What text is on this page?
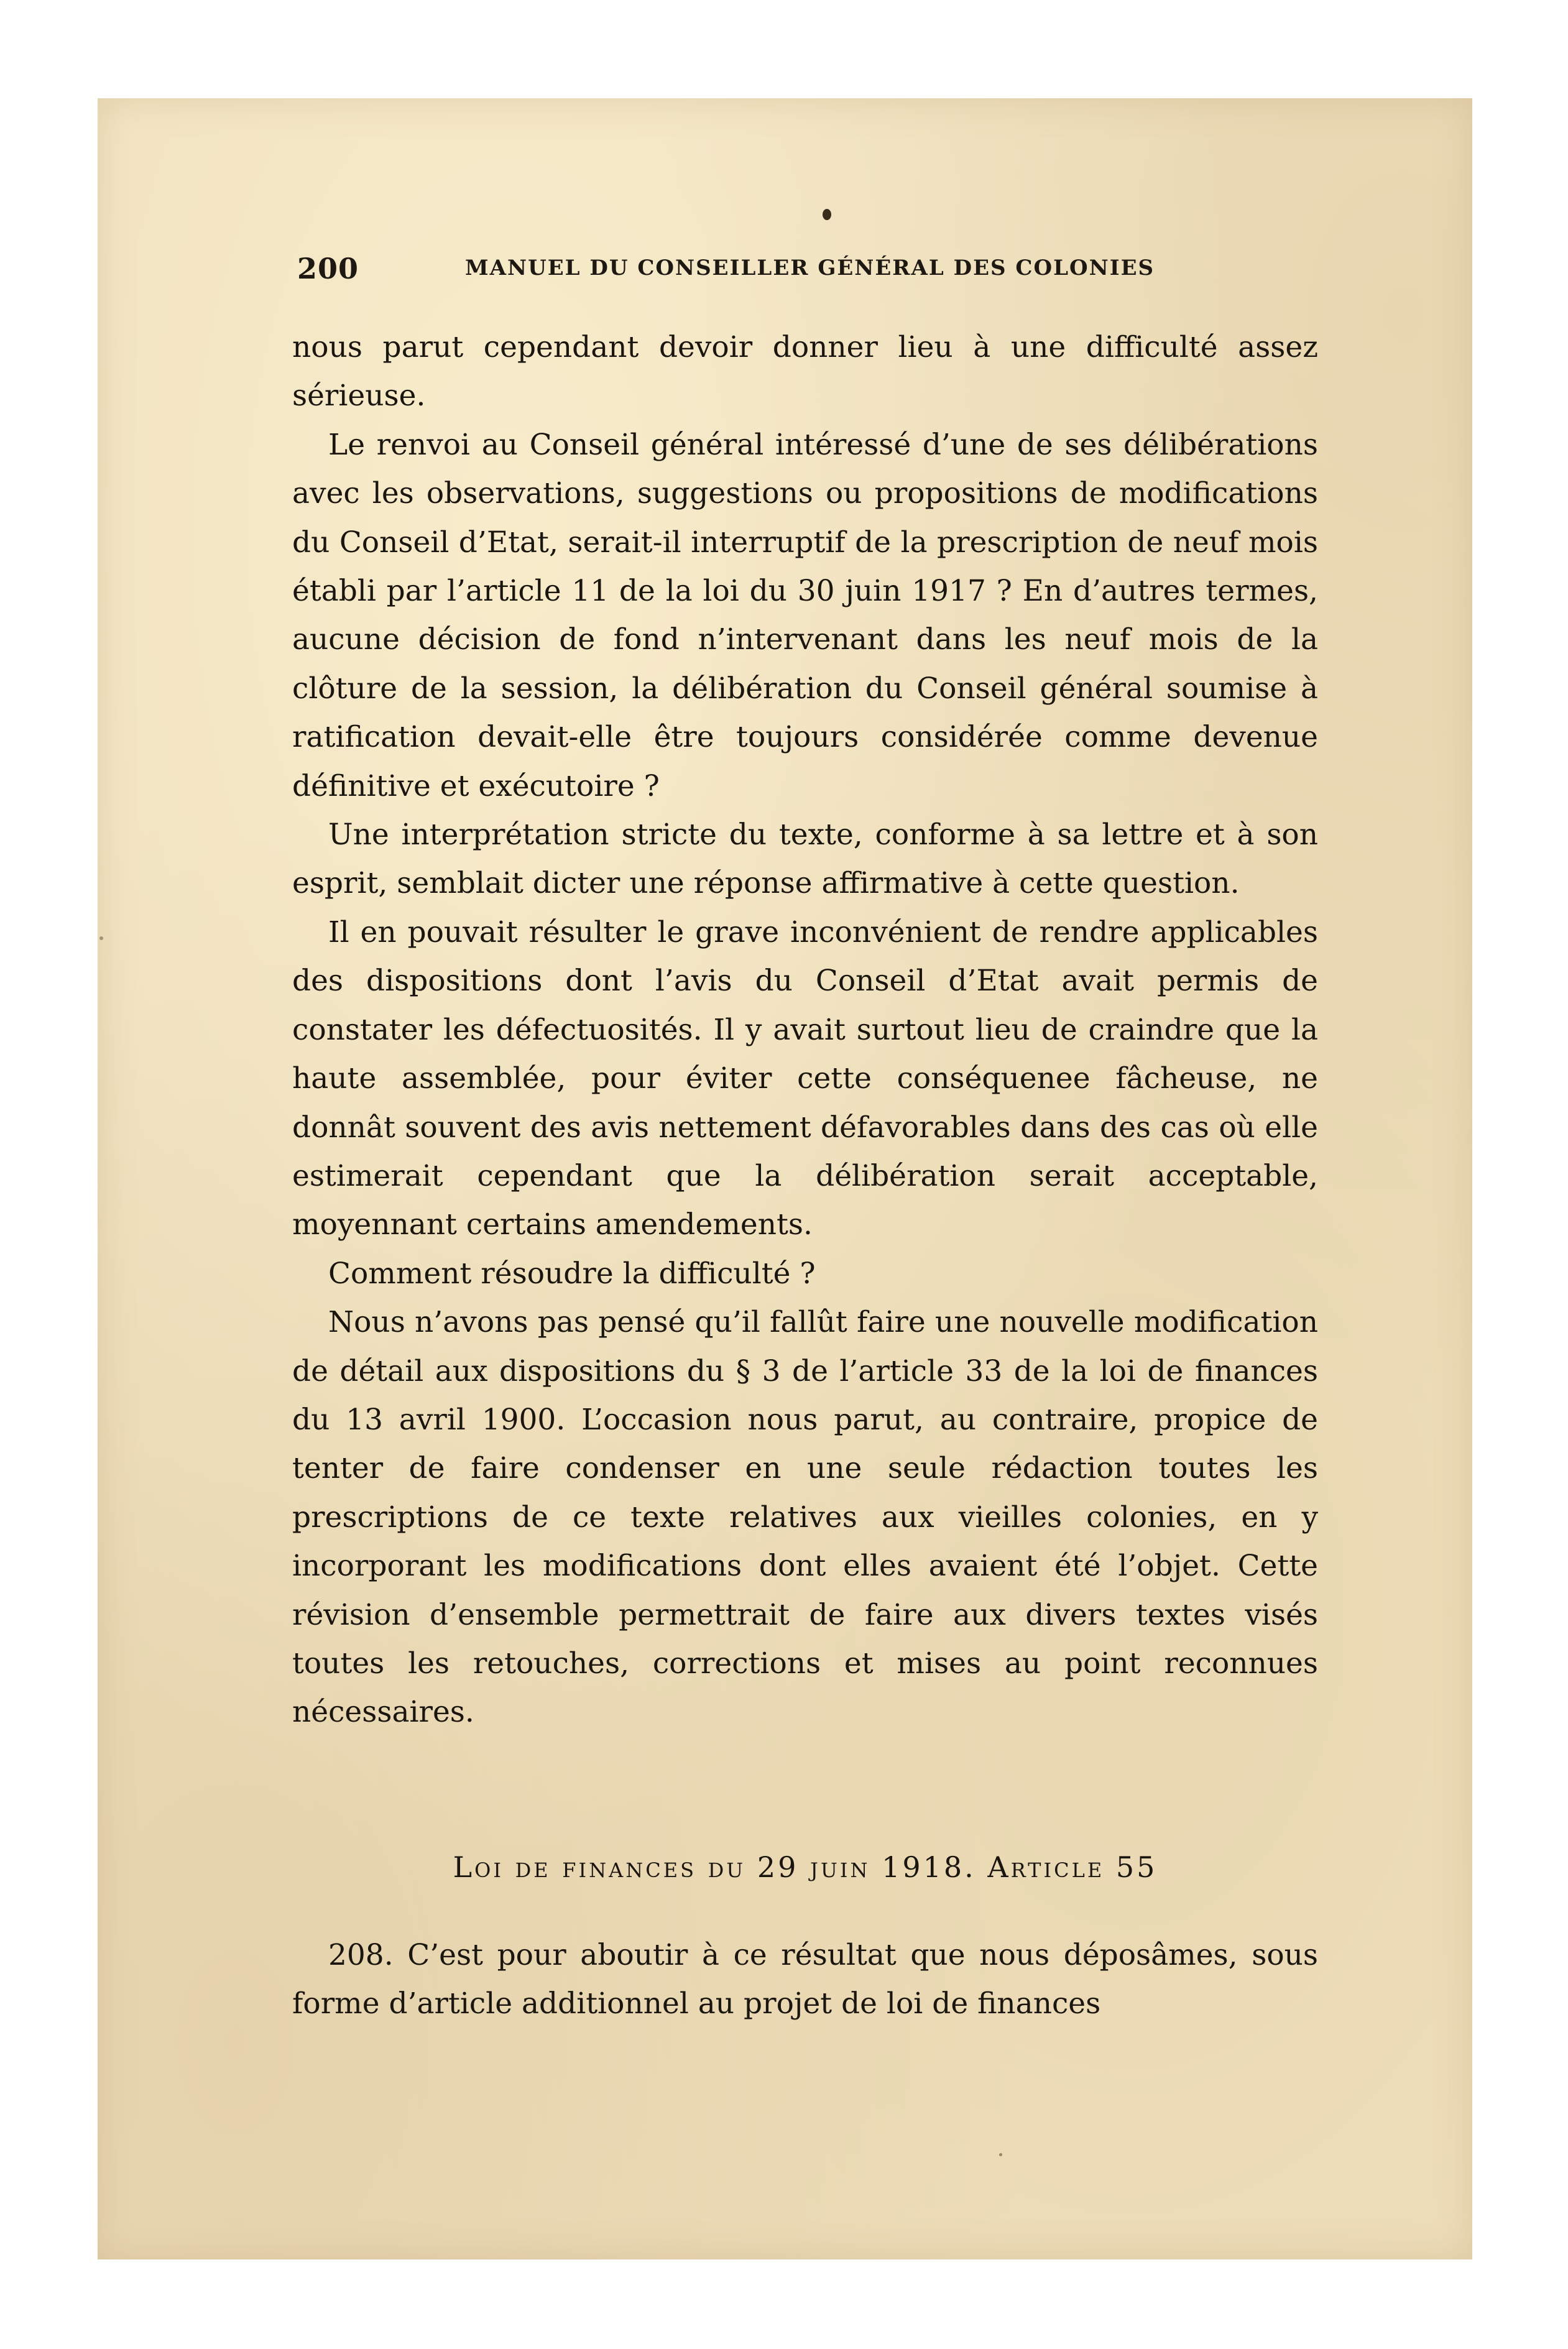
200	MANUEL DU CONSEILLER GÉNÉRAL DES COLONIES

nous parut cependant devoir donner lieu à une difficulté assez sérieuse.

Le renvoi au Conseil général intéressé d’une de ses délibérations avec les observations, suggestions ou propositions de modifications du Conseil d’Etat, serait-il interruptif de la prescription de neuf mois établi par l’article 11 de la loi du 30 juin 1917 ? En d’autres termes, aucune décision de fond n’intervenant dans les neuf mois de la clôture de la session, la délibération du Conseil général soumise à ratification devait-elle être toujours considérée comme devenue définitive et exécutoire ?

Une interprétation stricte du texte, conforme à sa lettre et à son esprit, semblait dicter une réponse affirmative à cette question.

Il en pouvait résulter le grave inconvénient de rendre applicables des dispositions dont l’avis du Conseil d’Etat avait permis de constater les défectuosités. Il y avait surtout lieu de craindre que la haute assemblée, pour éviter cette conséquenee fâcheuse, ne donnât souvent des avis nettement défavorables dans des cas où elle estimerait cependant que la délibération serait acceptable, moyennant certains amendements.

Comment résoudre la difficulté ?

Nous n’avons pas pensé qu’il fallût faire une nouvelle modification de détail aux dispositions du § 3 de l’article 33 de la loi de finances du 13 avril 1900. L’occasion nous parut, au contraire, propice de tenter de faire condenser en une seule rédaction toutes les prescriptions de ce texte relatives aux vieilles colonies, en y incorporant les modifications dont elles avaient été l’objet. Cette révision d’ensemble permettrait de faire aux divers textes visés toutes les retouches, corrections et mises au point reconnues nécessaires.

Loi de finances du 29 juin 1918. Article 55

208. C’est pour aboutir à ce résultat que nous déposâmes, sous forme d’article additionnel au projet de loi de finances
